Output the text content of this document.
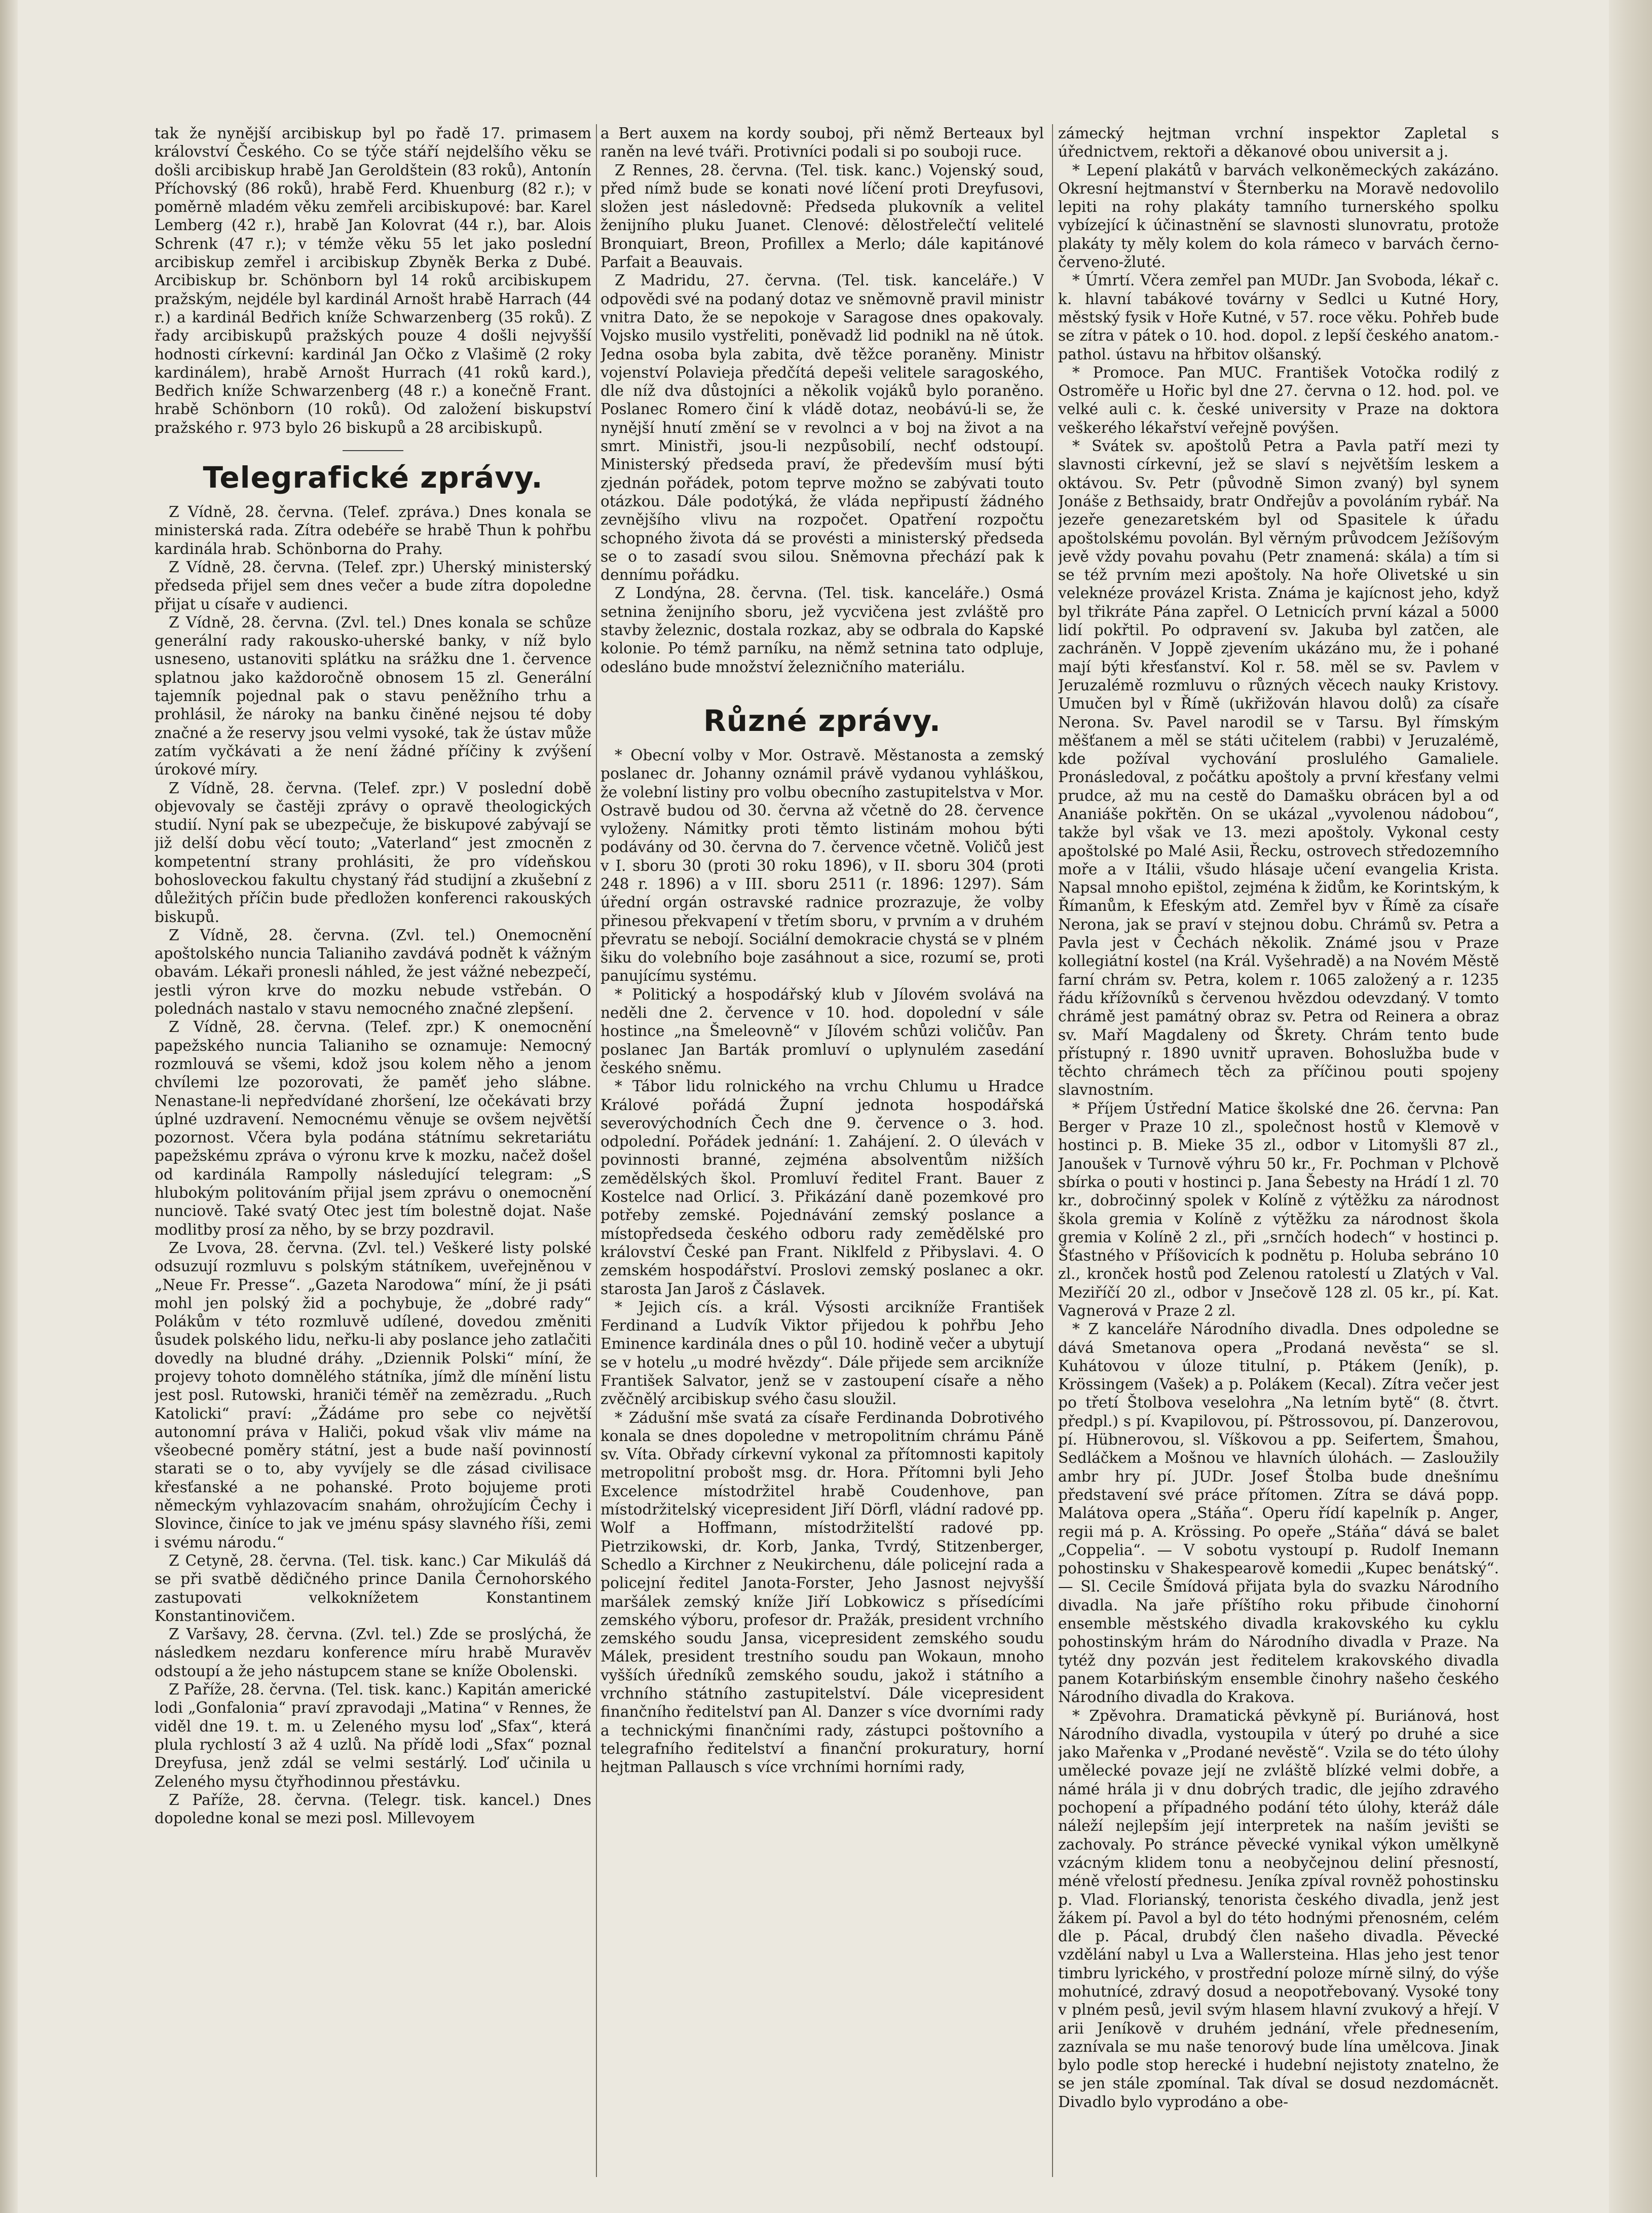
tak že nynější arcibiskup byl po řadě 17. primasem království Českého. Co se týče stáří nejdelšího věku se došli arcibiskup hrabě Jan Geroldštein (83 roků), Antonín Příchovský (86 roků), hrabě Ferd. Khuenburg (82 r.); v poměrně mladém věku zemřeli arcibiskupové: bar. Karel Lemberg (42 r.), hrabě Jan Kolovrat (44 r.), bar. Alois Schrenk (47 r.); v témže věku 55 let jako poslední arcibiskup zemřel i arcibiskup Zbyněk Berka z Dubé. Arcibiskup br. Schönborn byl 14 roků arcibiskupem pražským, nejdéle byl kardinál Arnošt hrabě Harrach (44 r.) a kardinál Bedřich kníže Schwarzenberg (35 roků). Z řady arcibiskupů pražských pouze 4 došli nejvyšší hodnosti církevní: kardinál Jan Očko z Vlašimě (2 roky kardinálem), hrabě Arnošt Hurrach (41 roků kard.), Bedřich kníže Schwarzenberg (48 r.) a konečně Frant. hrabě Schönborn (10 roků). Od založení biskupství pražského r. 973 bylo 26 biskupů a 28 arcibiskupů.

Telegrafické zprávy.

Z Vídně, 28. června. (Telef. zpráva.) Dnes konala se ministerská rada. Zítra odebéře se hrabě Thun k pohřbu kardinála hrab. Schönborna do Prahy.

Z Vídně, 28. června. (Telef. zpr.) Uherský ministerský předseda přijel sem dnes večer a bude zítra dopoledne přijat u císaře v audienci.

Z Vídně, 28. června. (Zvl. tel.) Dnes konala se schůze generální rady rakousko-uherské banky, v níž bylo usneseno, ustanoviti splátku na srážku dne 1. července splatnou jako každoročně obnosem 15 zl. Generální tajemník pojednal pak o stavu peněžního trhu a prohlásil, že nároky na banku činěné nejsou té doby značné a že reservy jsou velmi vysoké, tak že ústav může zatím vyčkávati a že není žádné příčiny k zvýšení úrokové míry.

Z Vídně, 28. června. (Telef. zpr.) V poslední době objevovaly se častěji zprávy o opravě theologických studií. Nyní pak se ubezpečuje, že biskupové zabývají se již delší dobu věcí touto; „Vaterland“ jest zmocněn z kompetentní strany prohlásiti, že pro vídeňskou bohosloveckou fakultu chystaný řád studijní a zkušební z důležitých příčin bude předložen konferenci rakouských biskupů.

Z Vídně, 28. června. (Zvl. tel.) Onemocnění apoštolského nuncia Talianiho zavdává podnět k vážným obavám. Lékaři pronesli náhled, že jest vážné nebezpečí, jestli výron krve do mozku nebude vstřebán. O polednách nastalo v stavu nemocného značné zlepšení.

Z Vídně, 28. června. (Telef. zpr.) K onemocnění papežského nuncia Talianiho se oznamuje: Nemocný rozmlouvá se všemi, kdož jsou kolem něho a jenom chvílemi lze pozorovati, že paměť jeho slábne. Nenastane-li nepředvídané zhoršení, lze očekávati brzy úplné uzdravení. Nemocnému věnuje se ovšem největší pozornost. Včera byla podána státnímu sekretariátu papežskému zpráva o výronu krve k mozku, načež došel od kardinála Rampolly následující telegram: „S hlubokým politováním přijal jsem zprávu o onemocnění nunciově. Také svatý Otec jest tím bolestně dojat. Naše modlitby prosí za něho, by se brzy pozdravil.

Ze Lvova, 28. června. (Zvl. tel.) Veškeré listy polské odsuzují rozmluvu s polským státníkem, uveřejněnou v „Neue Fr. Presse“. „Gazeta Narodowa“ míní, že ji psáti mohl jen polský žid a pochybuje, že „dobré rady“ Polákům v této rozmluvě udílené, dovedou změniti ůsudek polského lidu, neřku-li aby poslance jeho zatlačiti dovedly na bludné dráhy. „Dziennik Polski“ míní, že projevy tohoto domnělého státníka, jímž dle mínění listu jest posl. Rutowski, hraniči téměř na zemězradu. „Ruch Katolicki“ praví: „Žádáme pro sebe co největší autonomní práva v Haliči, pokud však vliv máme na všeobecné poměry státní, jest a bude naší povinností starati se o to, aby vyvíjely se dle zásad civilisace křesťanské a ne pohanské. Proto bojujeme proti německým vyhlazovacím snahám, ohrožujícím Čechy i Slovince, činíce to jak ve jménu spásy slavného říši, zemi i svému národu.“

Z Cetyně, 28. června. (Tel. tisk. kanc.) Car Mikuláš dá se při svatbě dědičného prince Danila Černohorského zastupovati velkoknížetem Konstantinem Konstantinovičem.

Z Varšavy, 28. června. (Zvl. tel.) Zde se proslýchá, že následkem nezdaru konference míru hrabě Muravěv odstoupí a že jeho nástupcem stane se kníže Obolenski.

Z Paříže, 28. června. (Tel. tisk. kanc.) Kapitán americké lodi „Gonfalonia“ praví zpravodaji „Matina“ v Rennes, že viděl dne 19. t. m. u Zeleného mysu loď „Sfax“, která plula rychlostí 3 až 4 uzlů. Na přídě lodi „Sfax“ poznal Dreyfusa, jenž zdál se velmi sestárlý. Loď učinila u Zeleného mysu čtyřhodinnou přestávku.

Z Paříže, 28. června. (Telegr. tisk. kancel.) Dnes dopoledne konal se mezi posl. Millevoyem

a Bert auxem na kordy souboj, při němž Berteaux byl raněn na levé tváři. Protivníci podali si po souboji ruce.

Z Rennes, 28. června. (Tel. tisk. kanc.) Vojenský soud, před nímž bude se konati nové líčení proti Dreyfusovi, složen jest následovně: Předseda plukovník a velitel ženijního pluku Juanet. Clenové: dělostřelečtí velitelé Bronquiart, Breon, Profillex a Merlo; dále kapitánové Parfait a Beauvais.

Z Madridu, 27. června. (Tel. tisk. kanceláře.) V odpovědi své na podaný dotaz ve sněmovně pravil ministr vnitra Dato, že se nepokoje v Saragose dnes opakovaly. Vojsko musilo vystřeliti, poněvadž lid podnikl na ně útok. Jedna osoba byla zabita, dvě těžce poraněny. Ministr vojenství Polavieja předčítá depeši velitele saragoského, dle níž dva důstojníci a několik vojáků bylo poraněno. Poslanec Romero činí k vládě dotaz, neobávú-li se, že nynější hnutí změní se v revolnci a v boj na život a na smrt. Ministři, jsou-li nezpůsobilí, nechť odstoupí. Ministerský předseda praví, že především musí býti zjednán pořádek, potom teprve možno se zabývati touto otázkou. Dále podotýká, že vláda nepřipustí žádného zevnějšího vlivu na rozpočet. Opatření rozpočtu schopného života dá se provésti a ministerský předseda se o to zasadí svou silou. Sněmovna přechází pak k dennímu pořádku.

Z Londýna, 28. června. (Tel. tisk. kanceláře.) Osmá setnina ženijního sboru, jež vycvičena jest zvláště pro stavby železnic, dostala rozkaz, aby se odbrala do Kapské kolonie. Po témž parníku, na němž setnina tato odpluje, odesláno bude množství železničního materiálu.

Různé zprávy.

* Obecní volby v Mor. Ostravě. Městanosta a zemský poslanec dr. Johanny oznámil právě vydanou vyhláškou, že volební listiny pro volbu obecního zastupitelstva v Mor. Ostravě budou od 30. června až včetně do 28. července vyloženy. Námitky proti těmto listinám mohou býti podávány od 30. června do 7. července včetně. Voličů jest v I. sboru 30 (proti 30 roku 1896), v II. sboru 304 (proti 248 r. 1896) a v III. sboru 2511 (r. 1896: 1297). Sám úřední orgán ostravské radnice prozrazuje, že volby přinesou překvapení v třetím sboru, v prvním a v druhém převratu se nebojí. Sociální demokracie chystá se v plném šiku do volebního boje zasáhnout a sice, rozumí se, proti panujícímu systému.

* Politický a hospodářský klub v Jílovém svolává na neděli dne 2. července v 10. hod. dopolední v sále hostince „na Šmeleovně“ v Jílovém schůzi voličův. Pan poslanec Jan Barták promluví o uplynulém zasedání českého sněmu.

* Tábor lidu rolnického na vrchu Chlumu u Hradce Králové pořádá Župní jednota hospodářská severovýchodních Čech dne 9. července o 3. hod. odpolední. Pořádek jednání: 1. Zahájení. 2. O úlevách v povinnosti branné, zejména absolventům nižších zemědělských škol. Promluví ředitel Frant. Bauer z Kostelce nad Orlicí. 3. Přikázání daně pozemkové pro potřeby zemské. Pojednávání zemský poslance a místopředseda českého odboru rady zemědělské pro království České pan Frant. Niklfeld z Přibyslavi. 4. O zemském hospodářství. Proslovi zemský poslanec a okr. starosta Jan Jaroš z Čáslavek.

* Jejich cís. a král. Výsosti arcikníže František Ferdinand a Ludvík Viktor přijedou k pohřbu Jeho Eminence kardinála dnes o půl 10. hodině večer a ubytují se v hotelu „u modré hvězdy“. Dále přijede sem arcikníže František Salvator, jenž se v zastoupení císaře a něho zvěčnělý arcibiskup svého času sloužil.

* Zádušní mše svatá za císaře Ferdinanda Dobrotivého konala se dnes dopoledne v metropolitním chrámu Páně sv. Víta. Obřady církevní vykonal za přítomnosti kapitoly metropolitní probošt msg. dr. Hora. Přítomni byli Jeho Excelence místodržitel hrabě Coudenhove, pan místodržitelský vicepresident Jiří Dörfl, vládní radové pp. Wolf a Hoffmann, místodržitelští radové pp. Pietrzikowski, dr. Korb, Janka, Tvrdý, Stitzenberger, Schedlo a Kirchner z Neukirchenu, dále policejní rada a policejní ředitel Janota-Forster, Jeho Jasnost nejvyšší maršálek zemský kníže Jiří Lobkowicz s přísedícími zemského výboru, profesor dr. Pražák, president vrchního zemského soudu Jansa, vicepresident zemského soudu Málek, president trestního soudu pan Wokaun, mnoho vyšších úředníků zemského soudu, jakož i státního a vrchního státního zastupitelství. Dále vicepresident finančního ředitelství pan Al. Danzer s více dvorními rady a technickými finančními rady, zástupci poštovního a telegrafního ředitelství a finanční prokuratury, horní hejtman Pallausch s více vrchními horními rady,

zámecký hejtman vrchní inspektor Zapletal s úřednictvem, rektoři a děkanové obou universit a j.

* Lepení plakátů v barvách velkoněmeckých zakázáno. Okresní hejtmanství v Šternberku na Moravě nedovolilo lepiti na rohy plakáty tamního turnerského spolku vybízející k účinastnění se slavnosti slunovratu, protože plakáty ty měly kolem do kola rámeco v barvách černo-červeno-žluté.

* Úmrtí. Včera zemřel pan MUDr. Jan Svoboda, lékař c. k. hlavní tabákové továrny v Sedlci u Kutné Hory, městský fysik v Hoře Kutné, v 57. roce věku. Pohřeb bude se zítra v pátek o 10. hod. dopol. z lepší českého anatom.-pathol. ústavu na hřbitov olšanský.

* Promoce. Pan MUC. František Votočka rodilý z Ostroměře u Hořic byl dne 27. června o 12. hod. pol. ve velké auli c. k. české university v Praze na doktora veškerého lékařství veřejně povýšen.

* Svátek sv. apoštolů Petra a Pavla patří mezi ty slavnosti církevní, jež se slaví s největším leskem a oktávou. Sv. Petr (původně Simon zvaný) byl synem Jonáše z Bethsaidy, bratr Ondřejův a povoláním rybář. Na jezeře genezaretském byl od Spasitele k úřadu apoštolskému povolán. Byl věrným průvodcem Ježíšovým jevě vždy povahu povahu (Petr znamená: skála) a tím si se též prvním mezi apoštoly. Na hoře Olivetské u sin veleknéze provázel Krista. Známa je kajícnost jeho, když byl třikráte Pána zapřel. O Letnicích první kázal a 5000 lidí pokřtil. Po odpravení sv. Jakuba byl zatčen, ale zachráněn. V Joppě zjevením ukázáno mu, že i pohané mají býti křesťanství. Kol r. 58. měl se sv. Pavlem v Jeruzalémě rozmluvu o různých věcech nauky Kristovy. Umučen byl v Římě (ukřižován hlavou dolů) za císaře Nerona. Sv. Pavel narodil se v Tarsu. Byl římským měšťanem a měl se státi učitelem (rabbi) v Jeruzalémě, kde požíval vychování proslulého Gamaliele. Pronásledoval, z počátku apoštoly a první křesťany velmi prudce, až mu na cestě do Damašku obrácen byl a od Ananiáše pokřtěn. On se ukázal „vyvolenou nádobou“, takže byl však ve 13. mezi apoštoly. Vykonal cesty apoštolské po Malé Asii, Řecku, ostrovech středozemního moře a v Itálii, všudo hlásaje učení evangelia Krista. Napsal mnoho epištol, zejména k židům, ke Korintským, k Římanům, k Efeským atd. Zemřel byv v Římě za císaře Nerona, jak se praví v stejnou dobu. Chrámů sv. Petra a Pavla jest v Čechách několik. Známé jsou v Praze kollegiátní kostel (na Král. Vyšehradě) a na Novém Městě farní chrám sv. Petra, kolem r. 1065 založený a r. 1235 řádu křížovníků s červenou hvězdou odevzdaný. V tomto chrámě jest památný obraz sv. Petra od Reinera a obraz sv. Maří Magdaleny od Škrety. Chrám tento bude přístupný r. 1890 uvnitř upraven. Bohoslužba bude v těchto chrámech těch za příčinou pouti spojeny slavnostním.

* Příjem Ústřední Matice školské dne 26. června: Pan Berger v Praze 10 zl., společnost hostů v Klemově v hostinci p. B. Mieke 35 zl., odbor v Litomyšli 87 zl., Janoušek v Turnově výhru 50 kr., Fr. Pochman v Plchově sbírka o pouti v hostinci p. Jana Šebesty na Hrádí 1 zl. 70 kr., dobročinný spolek v Kolíně z výtěžku za národnost škola gremia v Kolíně z výtěžku za národnost škola gremia v Kolíně 2 zl., při „srnčích hodech“ v hostinci p. Šťastného v Příšovicích k podnětu p. Holuba sebráno 10 zl., kronček hostů pod Zelenou ratolestí u Zlatých v Val. Meziříčí 20 zl., odbor v Jnsečově 128 zl. 05 kr., pí. Kat. Vagnerová v Praze 2 zl.

* Z kanceláře Národního divadla. Dnes odpoledne se dává Smetanova opera „Prodaná nevěsta“ se sl. Kuhátovou v úloze titulní, p. Ptákem (Jeník), p. Krössingem (Vašek) a p. Polákem (Kecal). Zítra večer jest po třetí Štolbova veselohra „Na letním bytě“ (8. čtvrt. předpl.) s pí. Kvapilovou, pí. Pštrossovou, pí. Danzerovou, pí. Hübnerovou, sl. Víškovou a pp. Seifertem, Šmahou, Sedláčkem a Mošnou ve hlavních úlohách. — Zasloužily ambr hry pí. JUDr. Josef Štolba bude dnešnímu představení své práce přítomen. Zítra se dává popp. Malátova opera „Stáňa“. Operu řídí kapelník p. Anger, regii má p. A. Krössing. Po opeře „Stáňa“ dává se balet „Coppelia“. — V sobotu vystoupí p. Rudolf Inemann pohostinsku v Shakespearově komedii „Kupec benátský“. — Sl. Cecile Šmídová přijata byla do svazku Národního divadla. Na jaře příštího roku přibude činohorní ensemble městského divadla krakovského ku cyklu pohostinským hrám do Národního divadla v Praze. Na tytéž dny pozván jest ředitelem krakovského divadla panem Kotarbińským ensemble činohry našeho českého Národního divadla do Krakova.

* Zpěvohra. Dramatická pěvkyně pí. Buriánová, host Národního divadla, vystoupila v úterý po druhé a sice jako Mařenka v „Prodané nevěstě“. Vzila se do této úlohy umělecké povaze její ne zvláště blízké velmi dobře, a námé hrála ji v dnu dobrých tradic, dle jejího zdravého pochopení a případného podání této úlohy, kteráž dále náleží nejlepším její interpretek na naším jevišti se zachovaly. Po stránce pěvecké vynikal výkon umělkyně vzácným klidem tonu a neobyčejnou deliní přesností, méně vřelostí přednesu. Jeníka zpíval rovněž pohostinsku p. Vlad. Florianský, tenorista českého divadla, jenž jest žákem pí. Pavol a byl do této hodnými přenosném, celém dle p. Pácal, drubdý člen našeho divadla. Pěvecké vzdělání nabyl u Lva a Wallersteina. Hlas jeho jest tenor timbru lyrického, v prostřední poloze mírně silný, do výše mohutnícé, zdravý dosud a neopotřebovaný. Vysoké tony v plném pesů, jevil svým hlasem hlavní zvukový a hřejí. V arii Jeníkově v druhém jednání, vřele přednesením, zaznívala se mu naše tenorový bude lína umělcova. Jinak bylo podle stop herecké i hudební nejistoty znatelno, že se jen stále zpomínal. Tak díval se dosud nezdomácnět. Divadlo bylo vyprodáno a obe-
